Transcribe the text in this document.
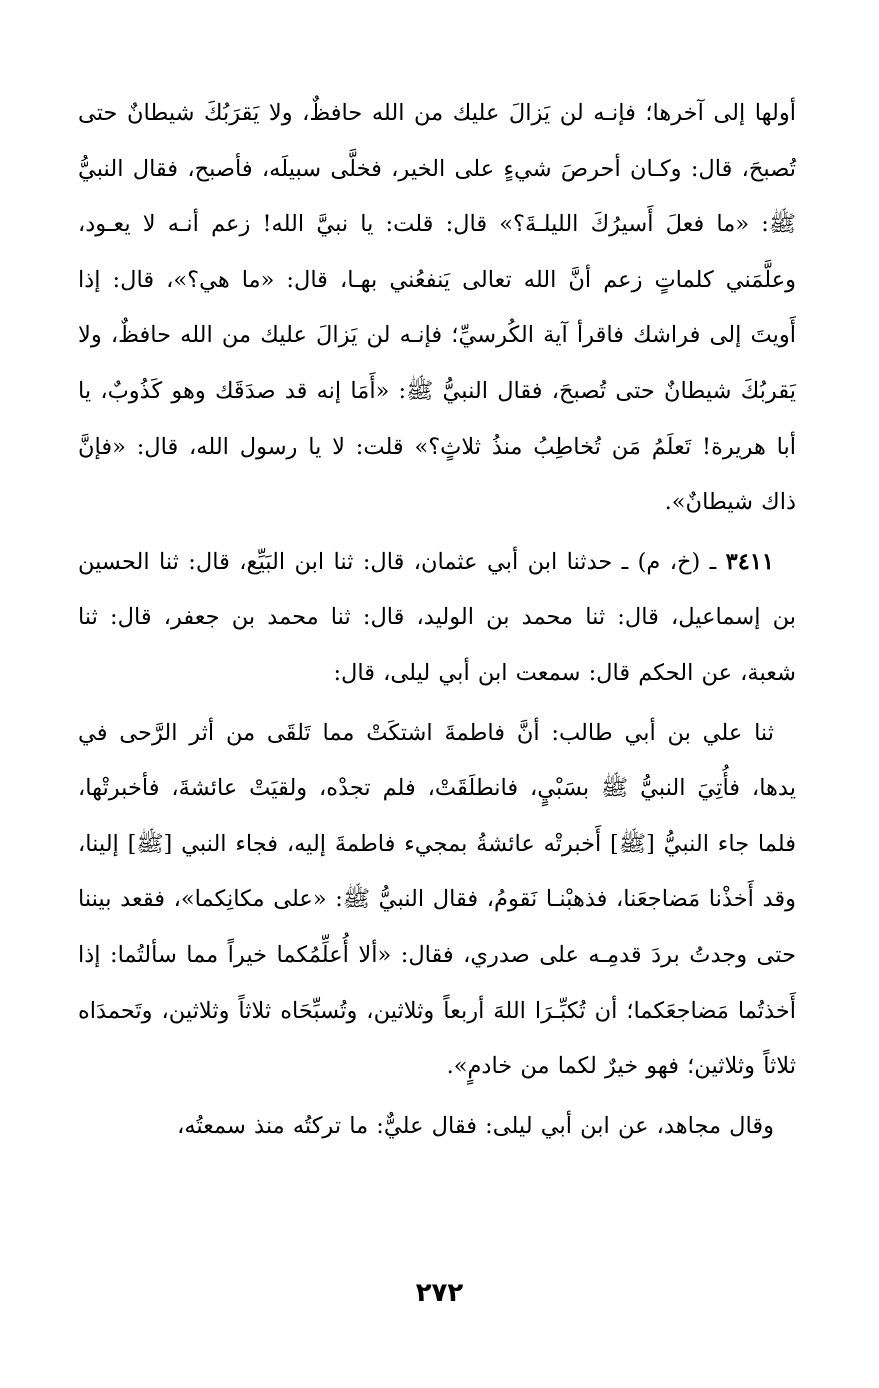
أولها إلى آخرها؛ فإنـه لن يَزالَ عليك من الله حافظٌ، ولا يَقرَبُكَ شيطانٌ حتى تُصبحَ، قال: وكـان أحرصَ شيءٍ على الخير، فخلَّى سبيلَه، فأصبح، فقال النبيُّ ﷺ: «ما فعلَ أَسيرُكَ الليلـةَ؟» قال: قلت: يا نبيَّ الله! زعم أنـه لا يعـود، وعلَّمَني كلماتٍ زعم أنَّ الله تعالى يَنفعُني بهـا، قال: «ما هي؟»، قال: إذا أَويتَ إلى فراشك فاقرأ آية الكُرسيِّ؛ فإنـه لن يَزالَ عليك من الله حافظٌ، ولا يَقربُكَ شيطانٌ حتى تُصبحَ، فقال النبيُّ ﷺ: «أَمَا إنه قد صدَقَك وهو كَذُوبٌ، يا أبا هريرة! تَعلَمُ مَن تُخاطِبُ منذُ ثلاثٍ؟» قلت: لا يا رسول الله، قال: «فإنَّ ذاك شيطانٌ».

٣٤١١ ـ (خ، م) ـ حدثنا ابن أبي عثمان، قال: ثنا ابن البَيِّع، قال: ثنا الحسين بن إسماعيل، قال: ثنا محمد بن الوليد، قال: ثنا محمد بن جعفر، قال: ثنا شعبة، عن الحكم قال: سمعت ابن أبي ليلى، قال:

ثنا علي بن أبي طالب: أنَّ فاطمةَ اشتكَتْ مما تَلقَى من أثر الرَّحى في يدها، فأُتِيَ النبيُّ ﷺ بسَبْيٍ، فانطلَقَتْ، فلم تجدْه، ولقيَتْ عائشةَ، فأخبرتْها، فلما جاء النبيُّ [ﷺ] أَخبرتْه عائشةُ بمجيء فاطمةَ إليه، فجاء النبي [ﷺ] إلينا، وقد أَخذْنا مَضاجعَنا، فذهبْنـا نَقومُ، فقال النبيُّ ﷺ: «على مكانِكما»، فقعد بيننا حتى وجدتُ بردَ قدمِـه على صدري، فقال: «ألا أُعلِّمُكما خيراً مما سألتُما: إذا أَخذتُما مَضاجعَكما؛ أن تُكبِّـرَا اللهَ أربعاً وثلاثين، وتُسبِّحَاه ثلاثاً وثلاثين، وتَحمدَاه ثلاثاً وثلاثين؛ فهو خيرٌ لكما من خادمٍ».

وقال مجاهد، عن ابن أبي ليلى: فقال عليٌّ: ما تركتُه منذ سمعتُه،

٢٧٢
